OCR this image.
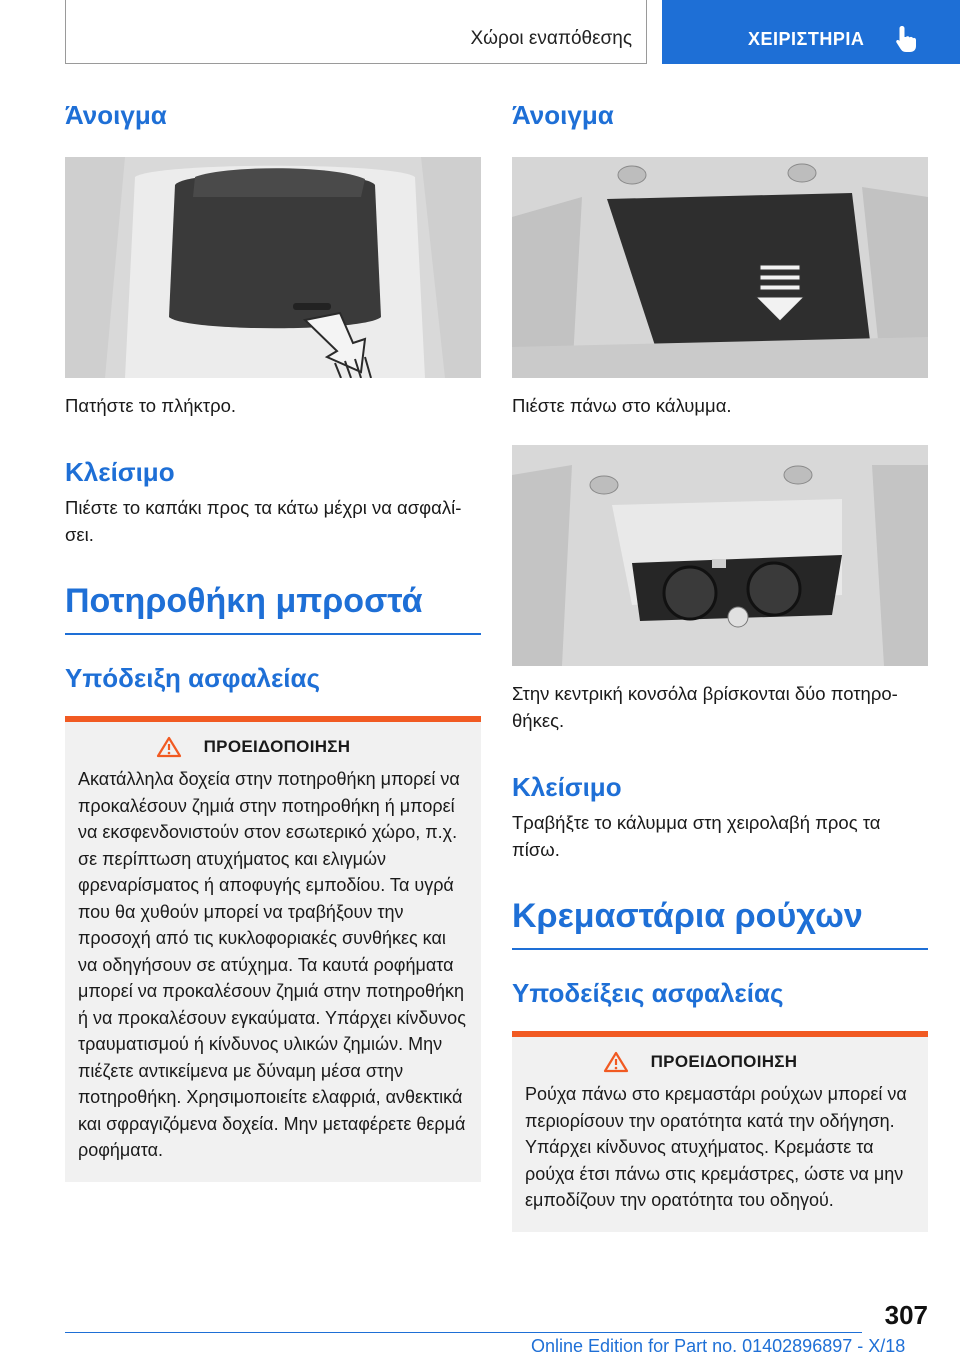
Χώροι εναπόθεσης	ΧΕΙΡΙΣΤΗΡΙΑ
Άνοιγμα

Πατήστε το πλήκτρο.

Κλείσιμο

Πιέστε το καπάκι προς τα κάτω μέχρι να ασφαλίσει.

Ποτηροθήκη μπροστά
Υπόδειξη ασφαλείας
ΠΡΟΕΙΔΟΠΟΙΗΣΗ

Ακατάλληλα δοχεία στην ποτηροθήκη μπορεί να προκαλέσουν ζημιά στην ποτηροθήκη ή μπορεί να εκσφενδονιστούν στον εσωτερικό χώρο, π.χ. σε περίπτωση ατυχήματος και ελιγμών φρεναρίσματος ή αποφυγής εμποδίου. Τα υγρά που θα χυθούν μπορεί να τραβήξουν την προσοχή από τις κυκλοφοριακές συνθήκες και να οδηγήσουν σε ατύχημα. Τα καυτά ροφήματα μπορεί να προκαλέσουν ζημιά στην ποτηροθήκη ή να προκαλέσουν εγκαύματα. Υπάρχει κίνδυνος τραυματισμού ή κίνδυνος υλικών ζημιών. Μην πιέζετε αντικείμενα με δύναμη μέσα στην ποτηροθήκη. Χρησιμοποιείτε ελαφριά, ανθεκτικά και σφραγιζόμενα δοχεία. Μην μεταφέρετε θερμά ροφήματα.

Άνοιγμα

Πιέστε πάνω στο κάλυμμα.

Στην κεντρική κονσόλα βρίσκονται δύο ποτηροθήκες.

Κλείσιμο

Τραβήξτε το κάλυμμα στη χειρολαβή προς τα πίσω.

Κρεμαστάρια ρούχων
Υποδείξεις ασφαλείας
ΠΡΟΕΙΔΟΠΟΙΗΣΗ

Ρούχα πάνω στο κρεμαστάρι ρούχων μπορεί να περιορίσουν την ορατότητα κατά την οδήγηση. Υπάρχει κίνδυνος ατυχήματος. Κρεμάστε τα ρούχα έτσι πάνω στις κρεμάστρες, ώστε να μην εμποδίζουν την ορατότητα του οδηγού.

307
Online Edition for Part no. 01402896897 - X/18
